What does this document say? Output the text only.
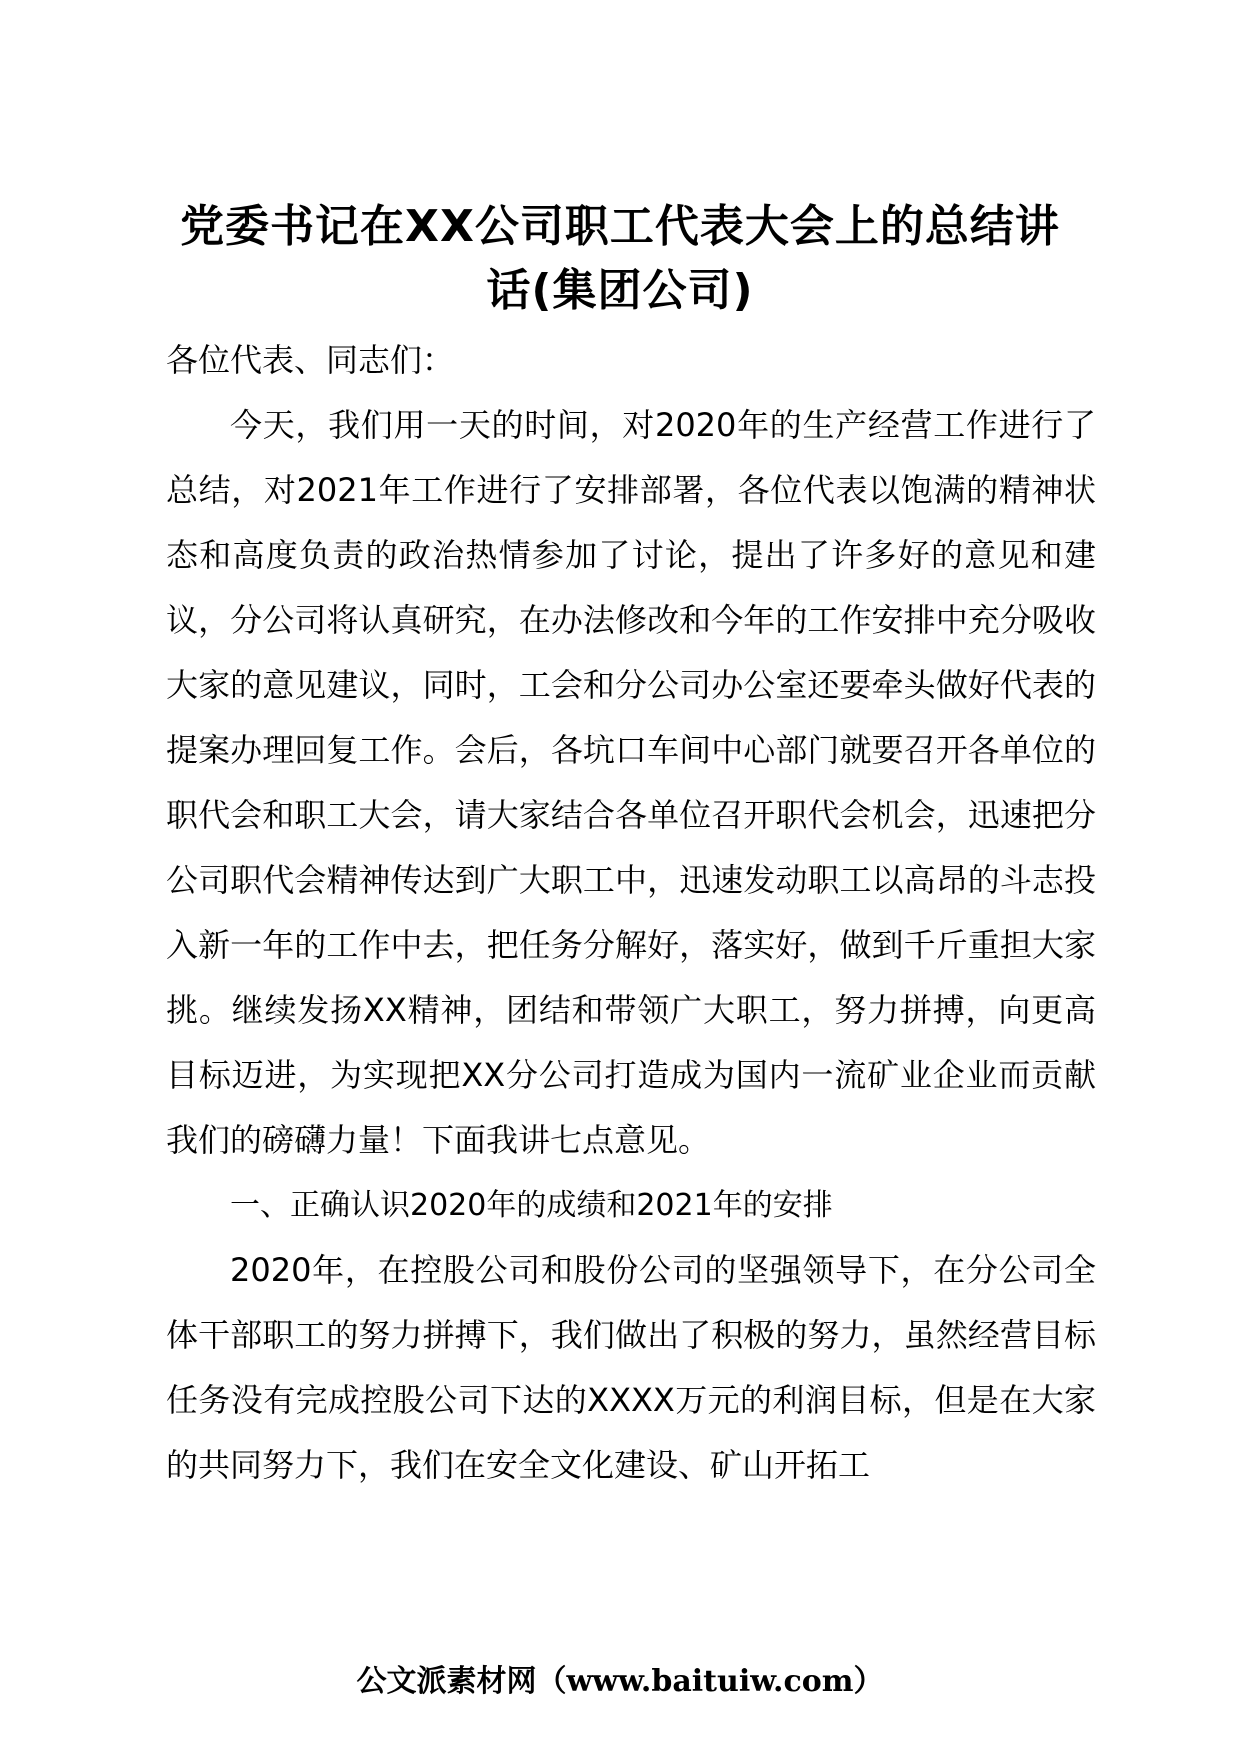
党委书记在XX公司职工代表大会上的总结讲话(集团公司)

各位代表、同志们：

今天，我们用一天的时间，对2020年的生产经营工作进行了总结，对2021年工作进行了安排部署，各位代表以饱满的精神状态和高度负责的政治热情参加了讨论，提出了许多好的意见和建议，分公司将认真研究，在办法修改和今年的工作安排中充分吸收大家的意见建议，同时，工会和分公司办公室还要牵头做好代表的提案办理回复工作。会后，各坑口车间中心部门就要召开各单位的职代会和职工大会，请大家结合各单位召开职代会机会，迅速把分公司职代会精神传达到广大职工中，迅速发动职工以高昂的斗志投入新一年的工作中去，把任务分解好，落实好，做到千斤重担大家挑。继续发扬XX精神，团结和带领广大职工，努力拼搏，向更高目标迈进，为实现把XX分公司打造成为国内一流矿业企业而贡献我们的磅礴力量！下面我讲七点意见。

一、正确认识2020年的成绩和2021年的安排

2020年，在控股公司和股份公司的坚强领导下，在分公司全体干部职工的努力拼搏下，我们做出了积极的努力，虽然经营目标任务没有完成控股公司下达的XXXX万元的利润目标，但是在大家的共同努力下，我们在安全文化建设、矿山开拓工

公文派素材网（www.baituiw.com）
